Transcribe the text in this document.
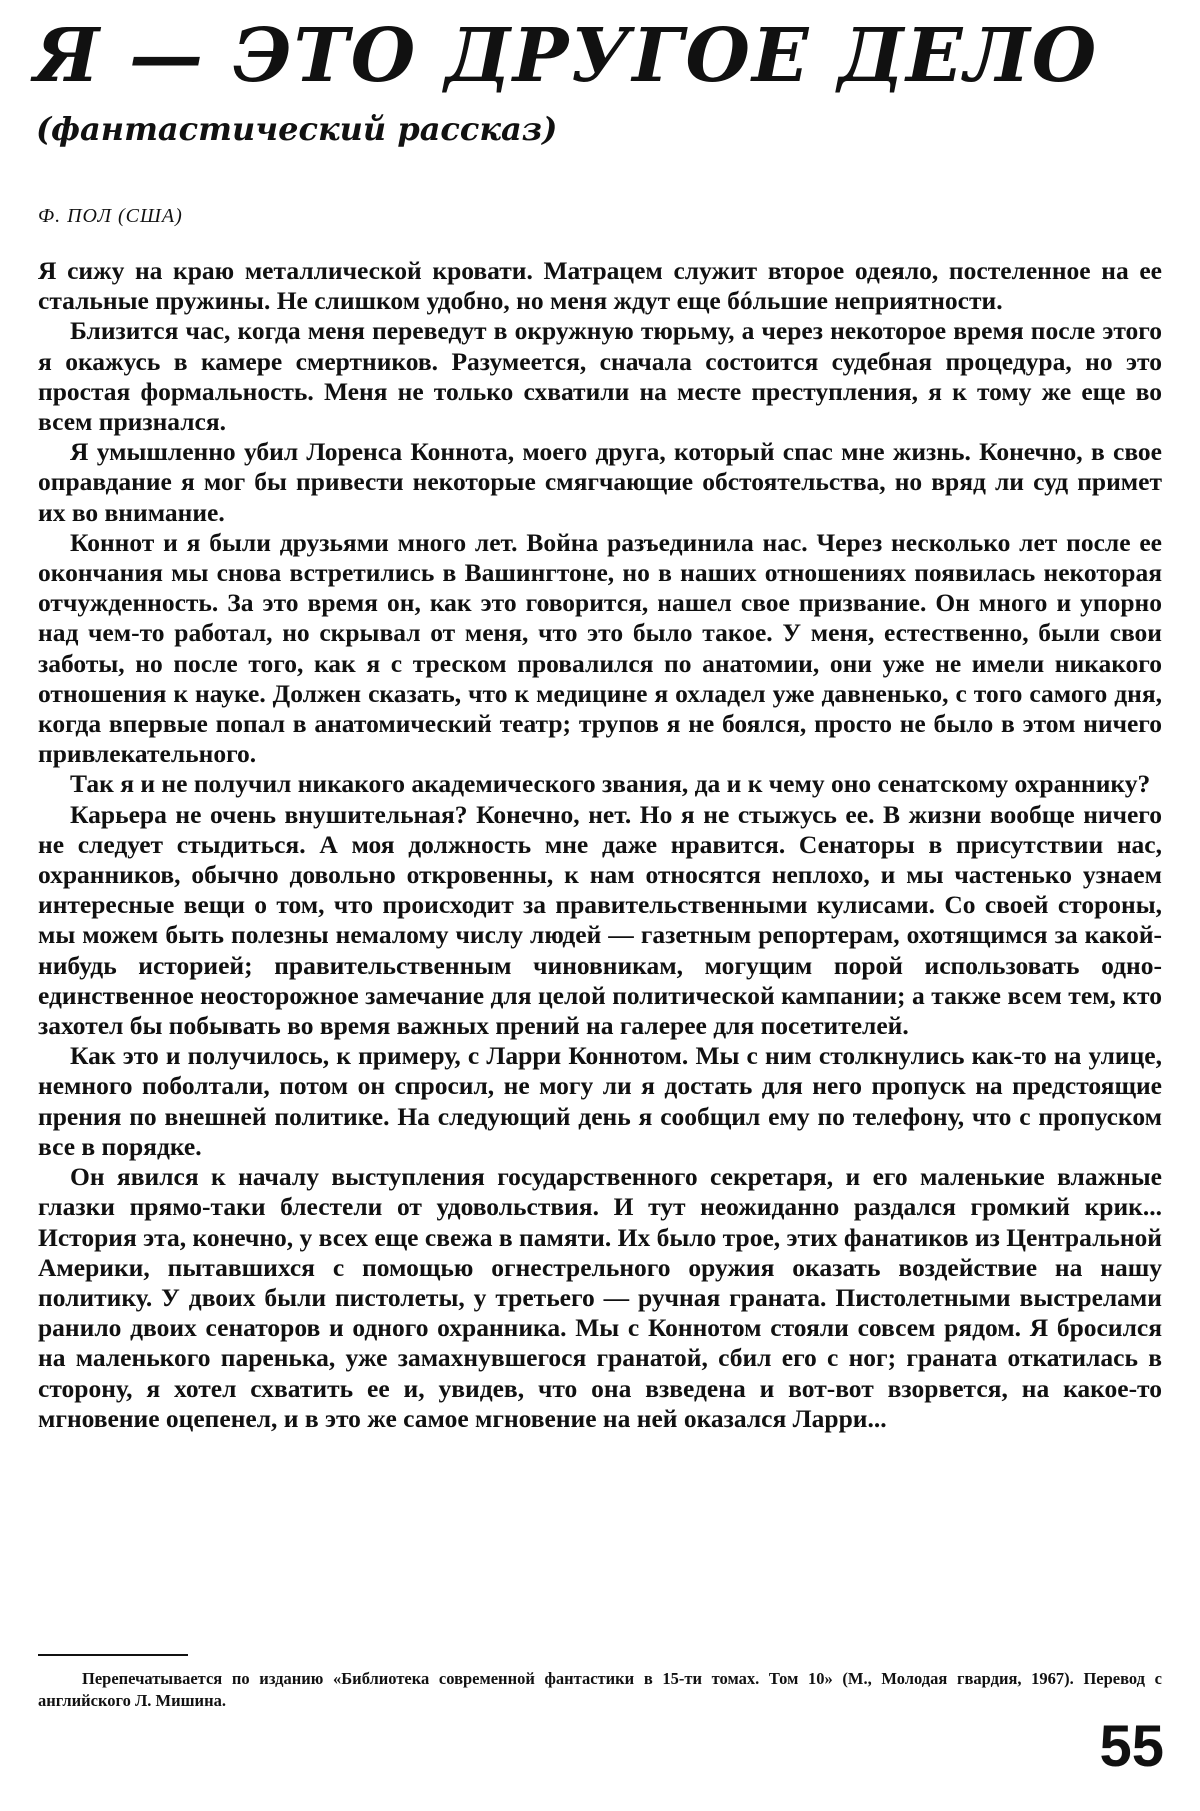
Я — ЭТО ДРУГОЕ ДЕЛО
(фантастический рассказ)
Ф. ПОЛ (США)

Я сижу на краю металлической кровати. Матрацем служит второе одеяло, постеленное на ее стальные пружины. Не слишком удобно, но меня ждут еще бóльшие неприятности.

Близится час, когда меня переведут в окружную тюрьму, а через некоторое время после этого я окажусь в камере смертников. Разумеется, сначала состоится судебная процедура, но это простая формальность. Меня не только схватили на месте преступления, я к тому же еще во всем признался.

Я умышленно убил Лоренса Коннота, моего друга, который спас мне жизнь. Конечно, в свое оправдание я мог бы привести некоторые смягчающие обстоятельства, но вряд ли суд примет их во внимание.

Коннот и я были друзьями много лет. Война разъединила нас. Через несколько лет после ее окончания мы снова встретились в Вашингтоне, но в наших отношениях появилась некоторая отчужденность. За это время он, как это говорится, нашел свое призвание. Он много и упорно над чем-то работал, но скрывал от меня, что это было такое. У меня, естественно, были свои заботы, но после того, как я с треском провалился по анатомии, они уже не имели никакого отношения к науке. Должен сказать, что к медицине я охладел уже давненько, с того самого дня, когда впервые попал в анатомический театр; трупов я не боялся, просто не было в этом ничего привлекательного.

Так я и не получил никакого академического звания, да и к чему оно сенатскому охраннику?

Карьера не очень внушительная? Конечно, нет. Но я не стыжусь ее. В жизни вообще ничего не следует стыдиться. А моя должность мне даже нравится. Сенаторы в присутствии нас, охранников, обычно довольно откровенны, к нам относятся неплохо, и мы частенько узнаем интересные вещи о том, что происходит за правительственными кулисами. Со своей стороны, мы можем быть полезны немалому числу людей — газетным репортерам, охотящимся за какой-нибудь историей; правительственным чиновникам, могущим порой использовать одно-единственное неосторожное замечание для целой политической кампании; а также всем тем, кто захотел бы побывать во время важных прений на галерее для посетителей.

Как это и получилось, к примеру, с Ларри Коннотом. Мы с ним столкнулись как-то на улице, немного поболтали, потом он спросил, не могу ли я достать для него пропуск на предстоящие прения по внешней политике. На следующий день я сообщил ему по телефону, что с пропуском все в порядке.

Он явился к началу выступления государственного секретаря, и его маленькие влажные глазки прямо-таки блестели от удовольствия. И тут неожиданно раздался громкий крик... История эта, конечно, у всех еще свежа в памяти. Их было трое, этих фанатиков из Центральной Америки, пытавшихся с помощью огнестрельного оружия оказать воздействие на нашу политику. У двоих были пистолеты, у третьего — ручная граната. Пистолетными выстрелами ранило двоих сенаторов и одного охранника. Мы с Коннотом стояли совсем рядом. Я бросился на маленького паренька, уже замахнувшегося гранатой, сбил его с ног; граната откатилась в сторону, я хотел схватить ее и, увидев, что она взведена и вот-вот взорвется, на какое-то мгновение оцепенел, и в это же самое мгновение на ней оказался Ларри...

Перепечатывается по изданию «Библиотека современной фантастики в 15-ти томах. Том 10» (М., Молодая гвардия, 1967). Перевод с английского Л. Мишина.

55
